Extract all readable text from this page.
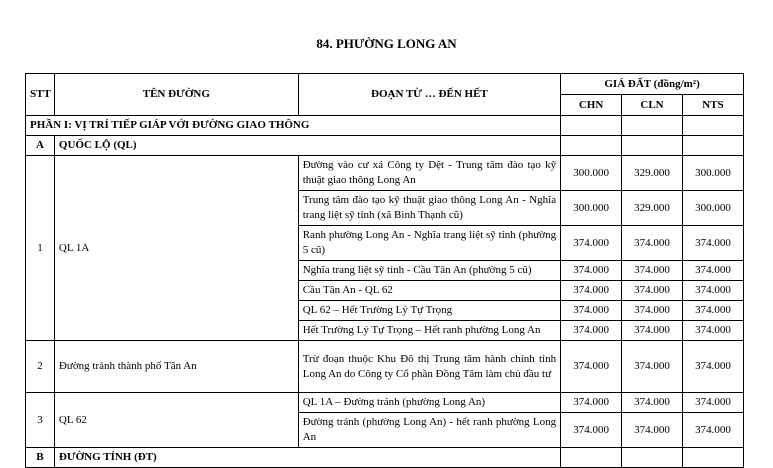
84. PHƯỜNG LONG AN
STT	TÊN ĐƯỜNG	ĐOẠN TỪ … ĐẾN HẾT	GIÁ ĐẤT (đồng/m²)		
			CHN	CLN	NTS
PHẦN I: VỊ TRÍ TIẾP GIÁP VỚI ĐƯỜNG GIAO THÔNG					
A	QUỐC LỘ (QL)				
1	QL 1A	Đường vào cư xá Công ty Dệt - Trung tâm đào tạo kỹ thuật giao thông Long An	300.000	329.000	300.000
		Trung tâm đào tạo kỹ thuật giao thông Long An - Nghĩa trang liệt sỹ tỉnh (xã Bình Thạnh cũ)	300.000	329.000	300.000
		Ranh phường Long An - Nghĩa trang liệt sỹ tỉnh (phường 5 cũ)	374.000	374.000	374.000
		Nghĩa trang liệt sỹ tỉnh - Cầu Tân An (phường 5 cũ)	374.000	374.000	374.000
		Cầu Tân An - QL 62	374.000	374.000	374.000
		QL 62 – Hết Trường Lý Tự Trọng	374.000	374.000	374.000
		Hết Trường Lý Tự Trọng – Hết ranh phường Long An	374.000	374.000	374.000
2	Đường tránh thành phố Tân An	Trừ đoạn thuộc Khu Đô thị Trung tâm hành chính tỉnh Long An do Công ty Cổ phần Đồng Tâm làm chủ đầu tư	374.000	374.000	374.000
3	QL 62	QL 1A – Đường tránh (phường Long An)	374.000	374.000	374.000
		Đường tránh (phường Long An) - hết ranh phường Long An	374.000	374.000	374.000
B	ĐƯỜNG TỈNH (ĐT)				
